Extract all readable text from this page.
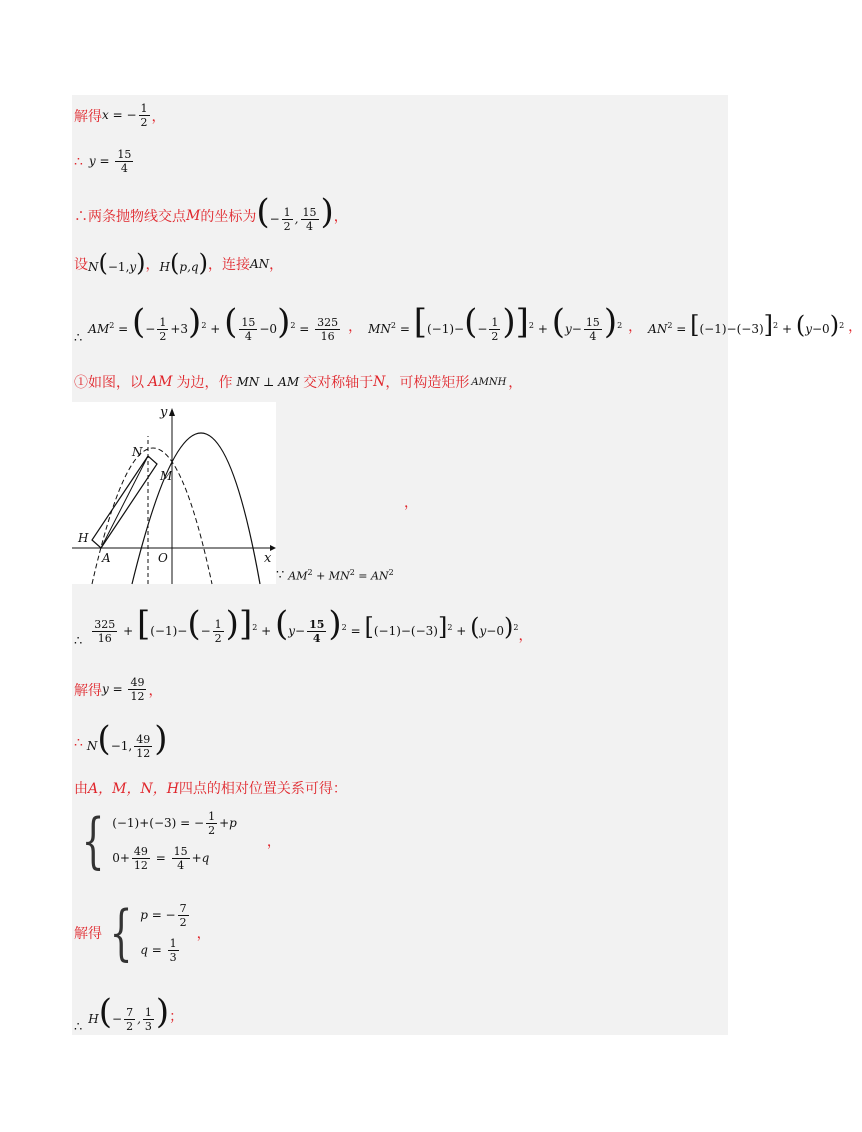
解得 x = − $\frac{1}{2}$ ，
∴ $y = \frac{15}{4}$
∴两条抛物线交点 M 的坐标为 (− $\frac{1}{2}$ , $\frac{15}{4}$ ) ，
设 N(−1,y) ， H(p,q) ，连接 AN ，
∴
$AM^2$ = (− $\frac{1}{2} +3)^2$ + ( $\frac{15}{4} -0)^2 = \frac{325}{16}$ ， $MN^2 = [(-1)-(- \frac{1}{2} )]^2 + (y- \frac{15}{4} )^2$ ， $AN^2 = [(-1)-(-3)]^2 + (y-0)^2$ ，
①如图，以 AM 为边，作 MN ⊥ AM 交对称轴于 N ，可构造矩形 AMNH ，
y
x
O
A
H
N
M
，
∵ $AM^2 + MN^2 = AN^2$
∴ $\frac{325}{16} + [(-1)-(- \frac{1}{2} )]^2 + (y- \frac{15}{4} )^2 = [(-1)-(-3)]^2 + (y-0)^2$ ，
解得 $y = \frac{49}{12}$ ，
∴ N(−1, $\frac{49}{12}$ )
由 A，M，N，H 四点的相对位置关系可得：
{ (−1)+(−3) = − $\frac{1}{2} +p$
$0+ \frac{49}{12} = \frac{15}{4} +q$
，
解得 { p = − $\frac{7}{2}$
$q = \frac{1}{3}$
，
∴
$H(- \frac{7}{2}$ , $\frac{1}{3}$ ) ；
